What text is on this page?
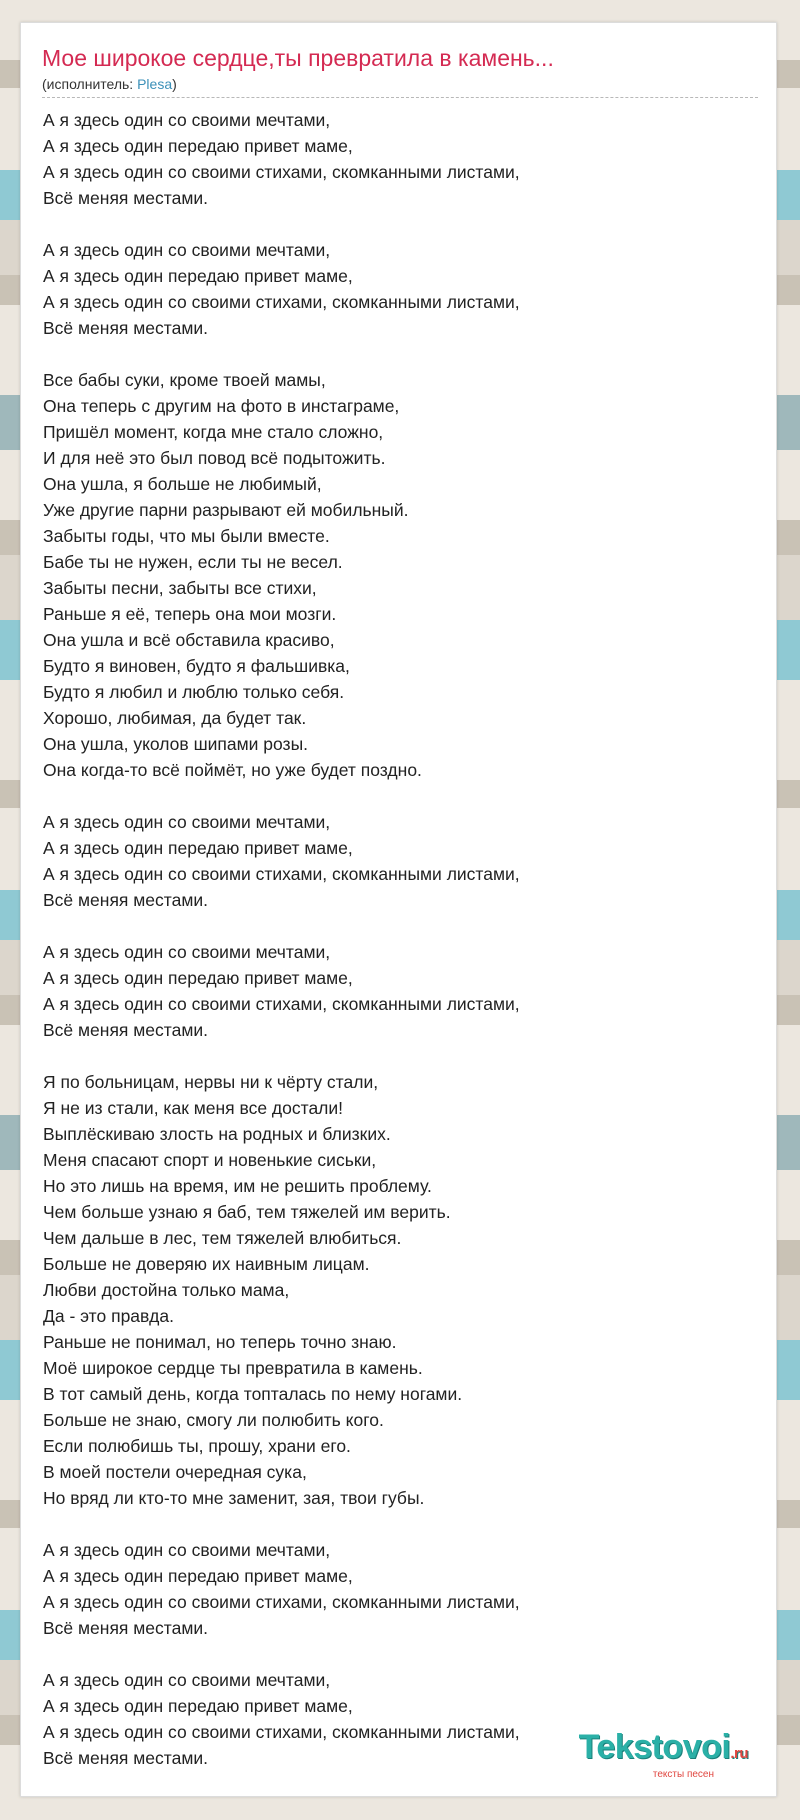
Мое широкое сердце,ты превратила в камень...
(исполнитель: Plesa)
А я здесь один со своими мечтами,
А я здесь один передаю привет маме,
А я здесь один со своими стихами, скомканными листами,
Всё меняя местами.
А я здесь один со своими мечтами,
А я здесь один передаю привет маме,
А я здесь один со своими стихами, скомканными листами,
Всё меняя местами.
Все бабы суки, кроме твоей мамы,
Она теперь с другим на фото в инстаграме,
Пришёл момент, когда мне стало сложно,
И для неё это был повод всё подытожить.
Она ушла, я больше не любимый,
Уже другие парни разрывают ей мобильный.
Забыты годы, что мы были вместе.
Бабе ты не нужен, если ты не весел.
Забыты песни, забыты все стихи,
Раньше я её, теперь она мои мозги.
Она ушла и всё обставила красиво,
Будто я виновен, будто я фальшивка,
Будто я любил и люблю только себя.
Хорошо, любимая, да будет так.
Она ушла, уколов шипами розы.
Она когда-то всё поймёт, но уже будет поздно.
А я здесь один со своими мечтами,
А я здесь один передаю привет маме,
А я здесь один со своими стихами, скомканными листами,
Всё меняя местами.
А я здесь один со своими мечтами,
А я здесь один передаю привет маме,
А я здесь один со своими стихами, скомканными листами,
Всё меняя местами.
Я по больницам, нервы ни к чёрту стали,
Я не из стали, как меня все достали!
Выплёскиваю злость на родных и близких.
Меня спасают спорт и новенькие сиськи,
Но это лишь на время, им не решить проблему.
Чем больше узнаю я баб, тем тяжелей им верить.
Чем дальше в лес, тем тяжелей влюбиться.
Больше не доверяю их наивным лицам.
Любви достойна только мама,
Да - это правда.
Раньше не понимал, но теперь точно знаю.
Моё широкое сердце ты превратила в камень.
В тот самый день, когда топталась по нему ногами.
Больше не знаю, смогу ли полюбить кого.
Если полюбишь ты, прошу, храни его.
В моей постели очередная сука,
Но вряд ли кто-то мне заменит, зая, твои губы.
А я здесь один со своими мечтами,
А я здесь один передаю привет маме,
А я здесь один со своими стихами, скомканными листами,
Всё меняя местами.
А я здесь один со своими мечтами,
А я здесь один передаю привет маме,
А я здесь один со своими стихами, скомканными листами,
Всё меняя местами.	Tekstovoi.ru
тексты песен
